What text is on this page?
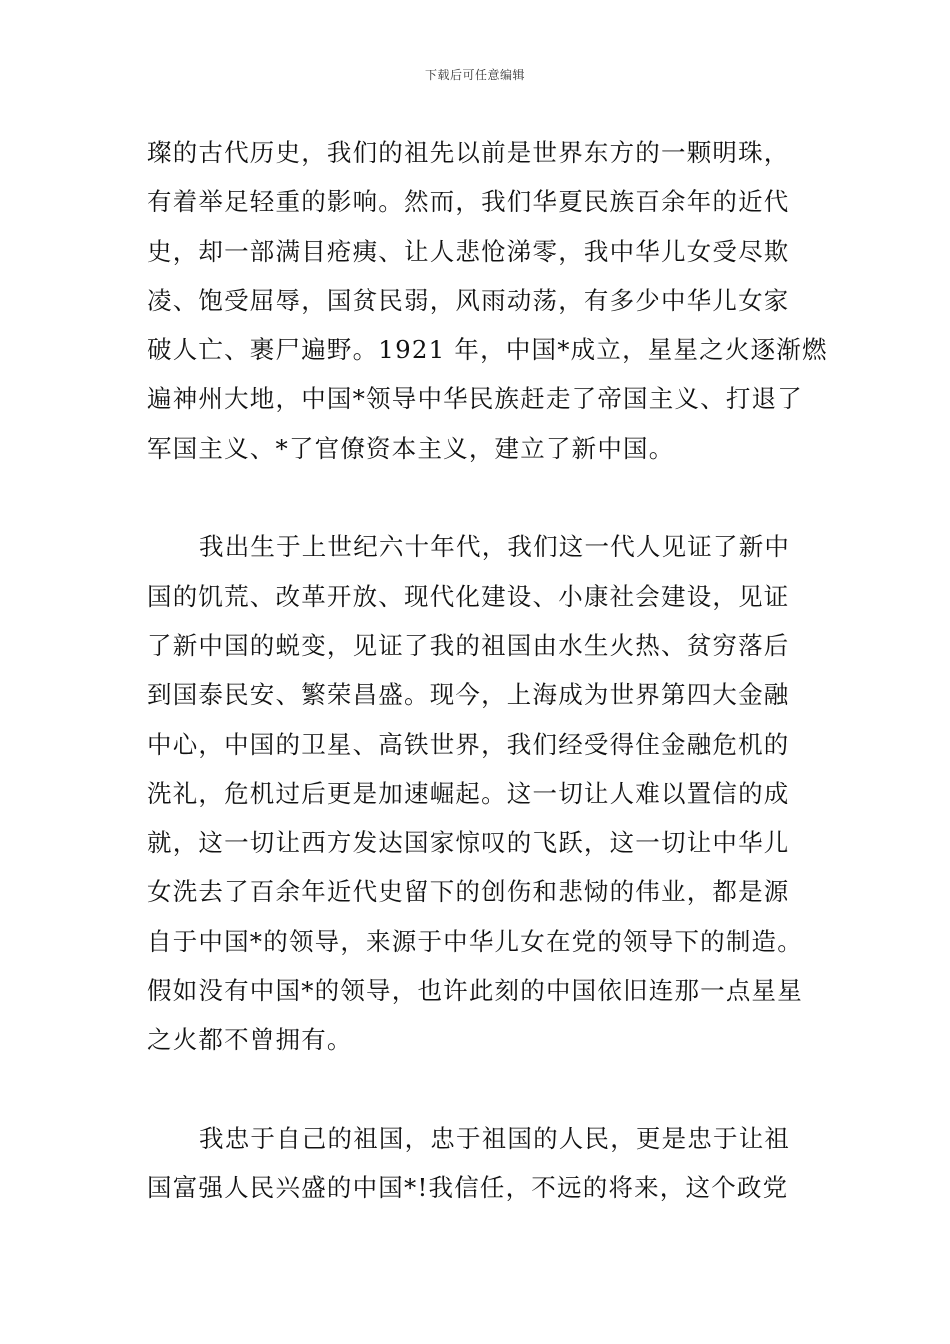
下载后可任意编辑
璨的古代历史，我们的祖先以前是世界东方的一颗明珠，
有着举足轻重的影响。然而，我们华夏民族百余年的近代
史，却一部满目疮痍、让人悲怆涕零，我中华儿女受尽欺
凌、饱受屈辱，国贫民弱，风雨动荡，有多少中华儿女家
破人亡、裹尸遍野。1921 年，中国*成立，星星之火逐渐燃
遍神州大地，中国*领导中华民族赶走了帝国主义、打退了
军国主义、*了官僚资本主义，建立了新中国。
我出生于上世纪六十年代，我们这一代人见证了新中
国的饥荒、改革开放、现代化建设、小康社会建设，见证
了新中国的蜕变，见证了我的祖国由水生火热、贫穷落后
到国泰民安、繁荣昌盛。现今，上海成为世界第四大金融
中心，中国的卫星、高铁世界，我们经受得住金融危机的
洗礼，危机过后更是加速崛起。这一切让人难以置信的成
就，这一切让西方发达国家惊叹的飞跃，这一切让中华儿
女洗去了百余年近代史留下的创伤和悲恸的伟业，都是源
自于中国*的领导，来源于中华儿女在党的领导下的制造。
假如没有中国*的领导，也许此刻的中国依旧连那一点星星
之火都不曾拥有。
我忠于自己的祖国，忠于祖国的人民，更是忠于让祖
国富强人民兴盛的中国*!我信任，不远的将来，这个政党
